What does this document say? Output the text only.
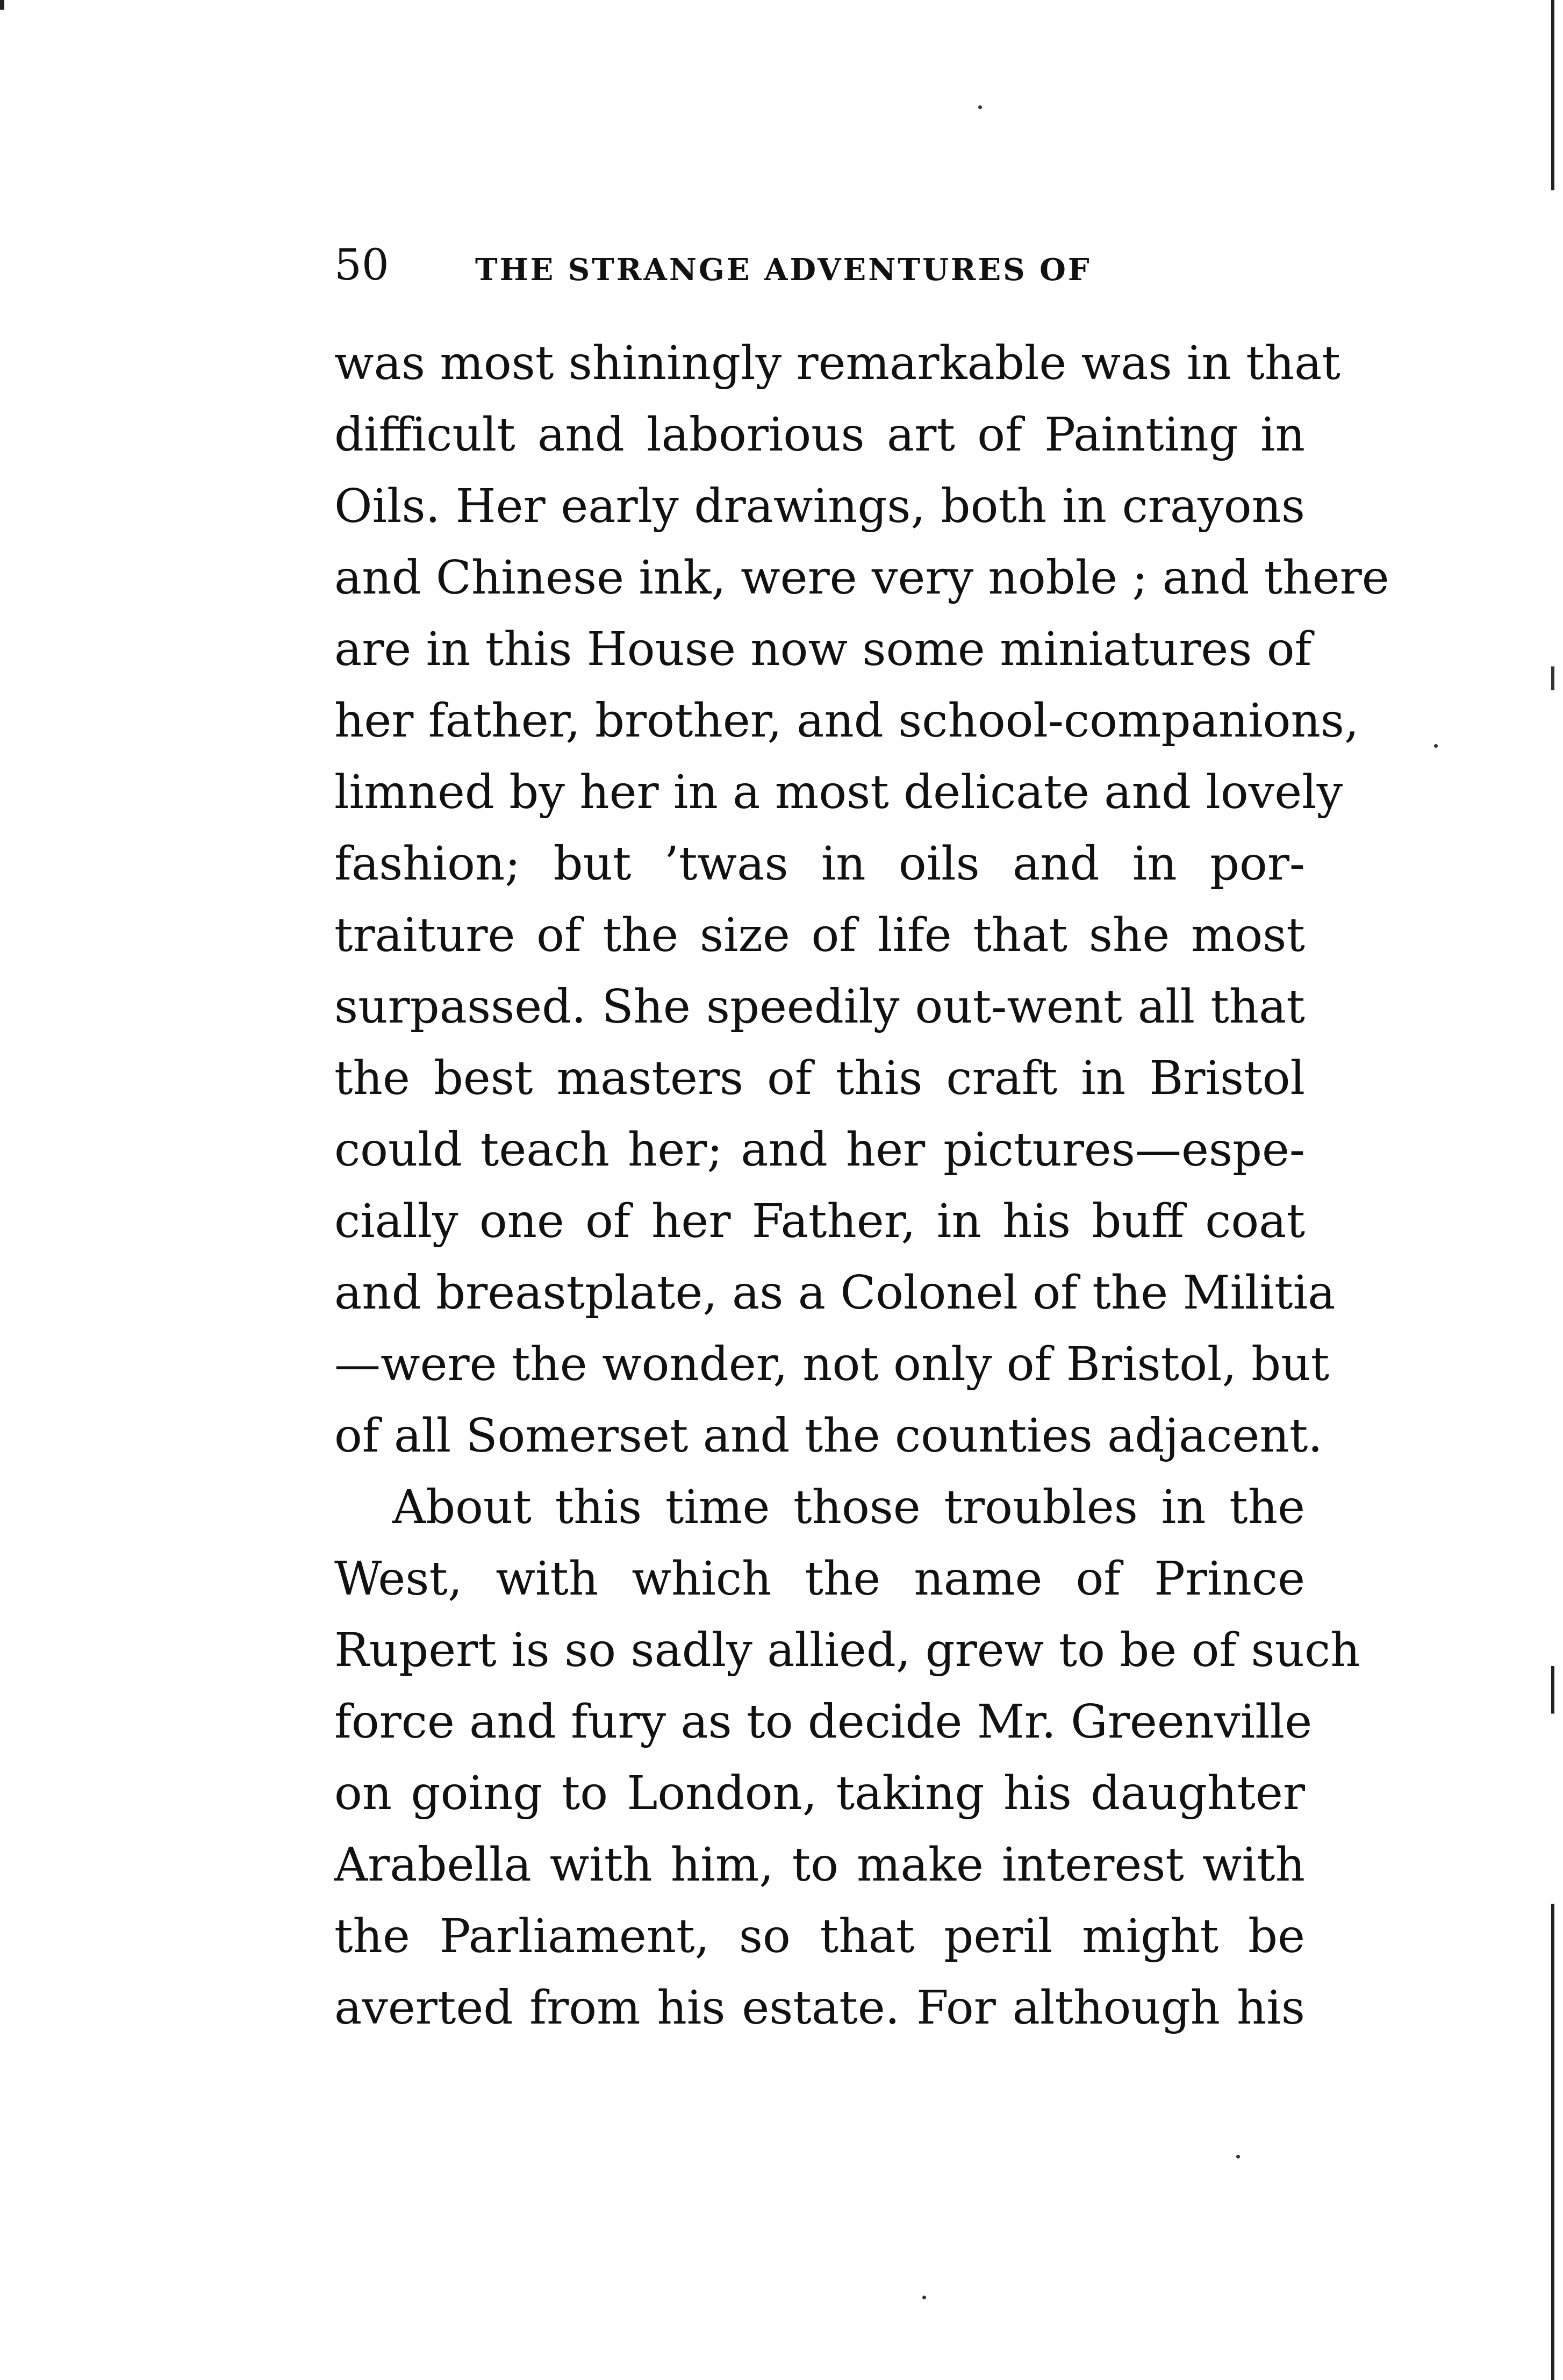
50	THE STRANGE ADVENTURES OF
was most shiningly remarkable was in that
difficult and laborious art of Painting in
Oils. Her early drawings, both in crayons
and Chinese ink, were very noble ; and there
are in this House now some miniatures of
her father, brother, and school-companions,
limned by her in a most delicate and lovely
fashion; but ’twas in oils and in por-
traiture of the size of life that she most
surpassed. She speedily out-went all that
the best masters of this craft in Bristol
could teach her; and her pictures—espe-
cially one of her Father, in his buff coat
and breastplate, as a Colonel of the Militia
—were the wonder, not only of Bristol, but
of all Somerset and the counties adjacent.
About this time those troubles in the
West, with which the name of Prince
Rupert is so sadly allied, grew to be of such
force and fury as to decide Mr. Greenville
on going to London, taking his daughter
Arabella with him, to make interest with
the Parliament, so that peril might be
averted from his estate. For although his
